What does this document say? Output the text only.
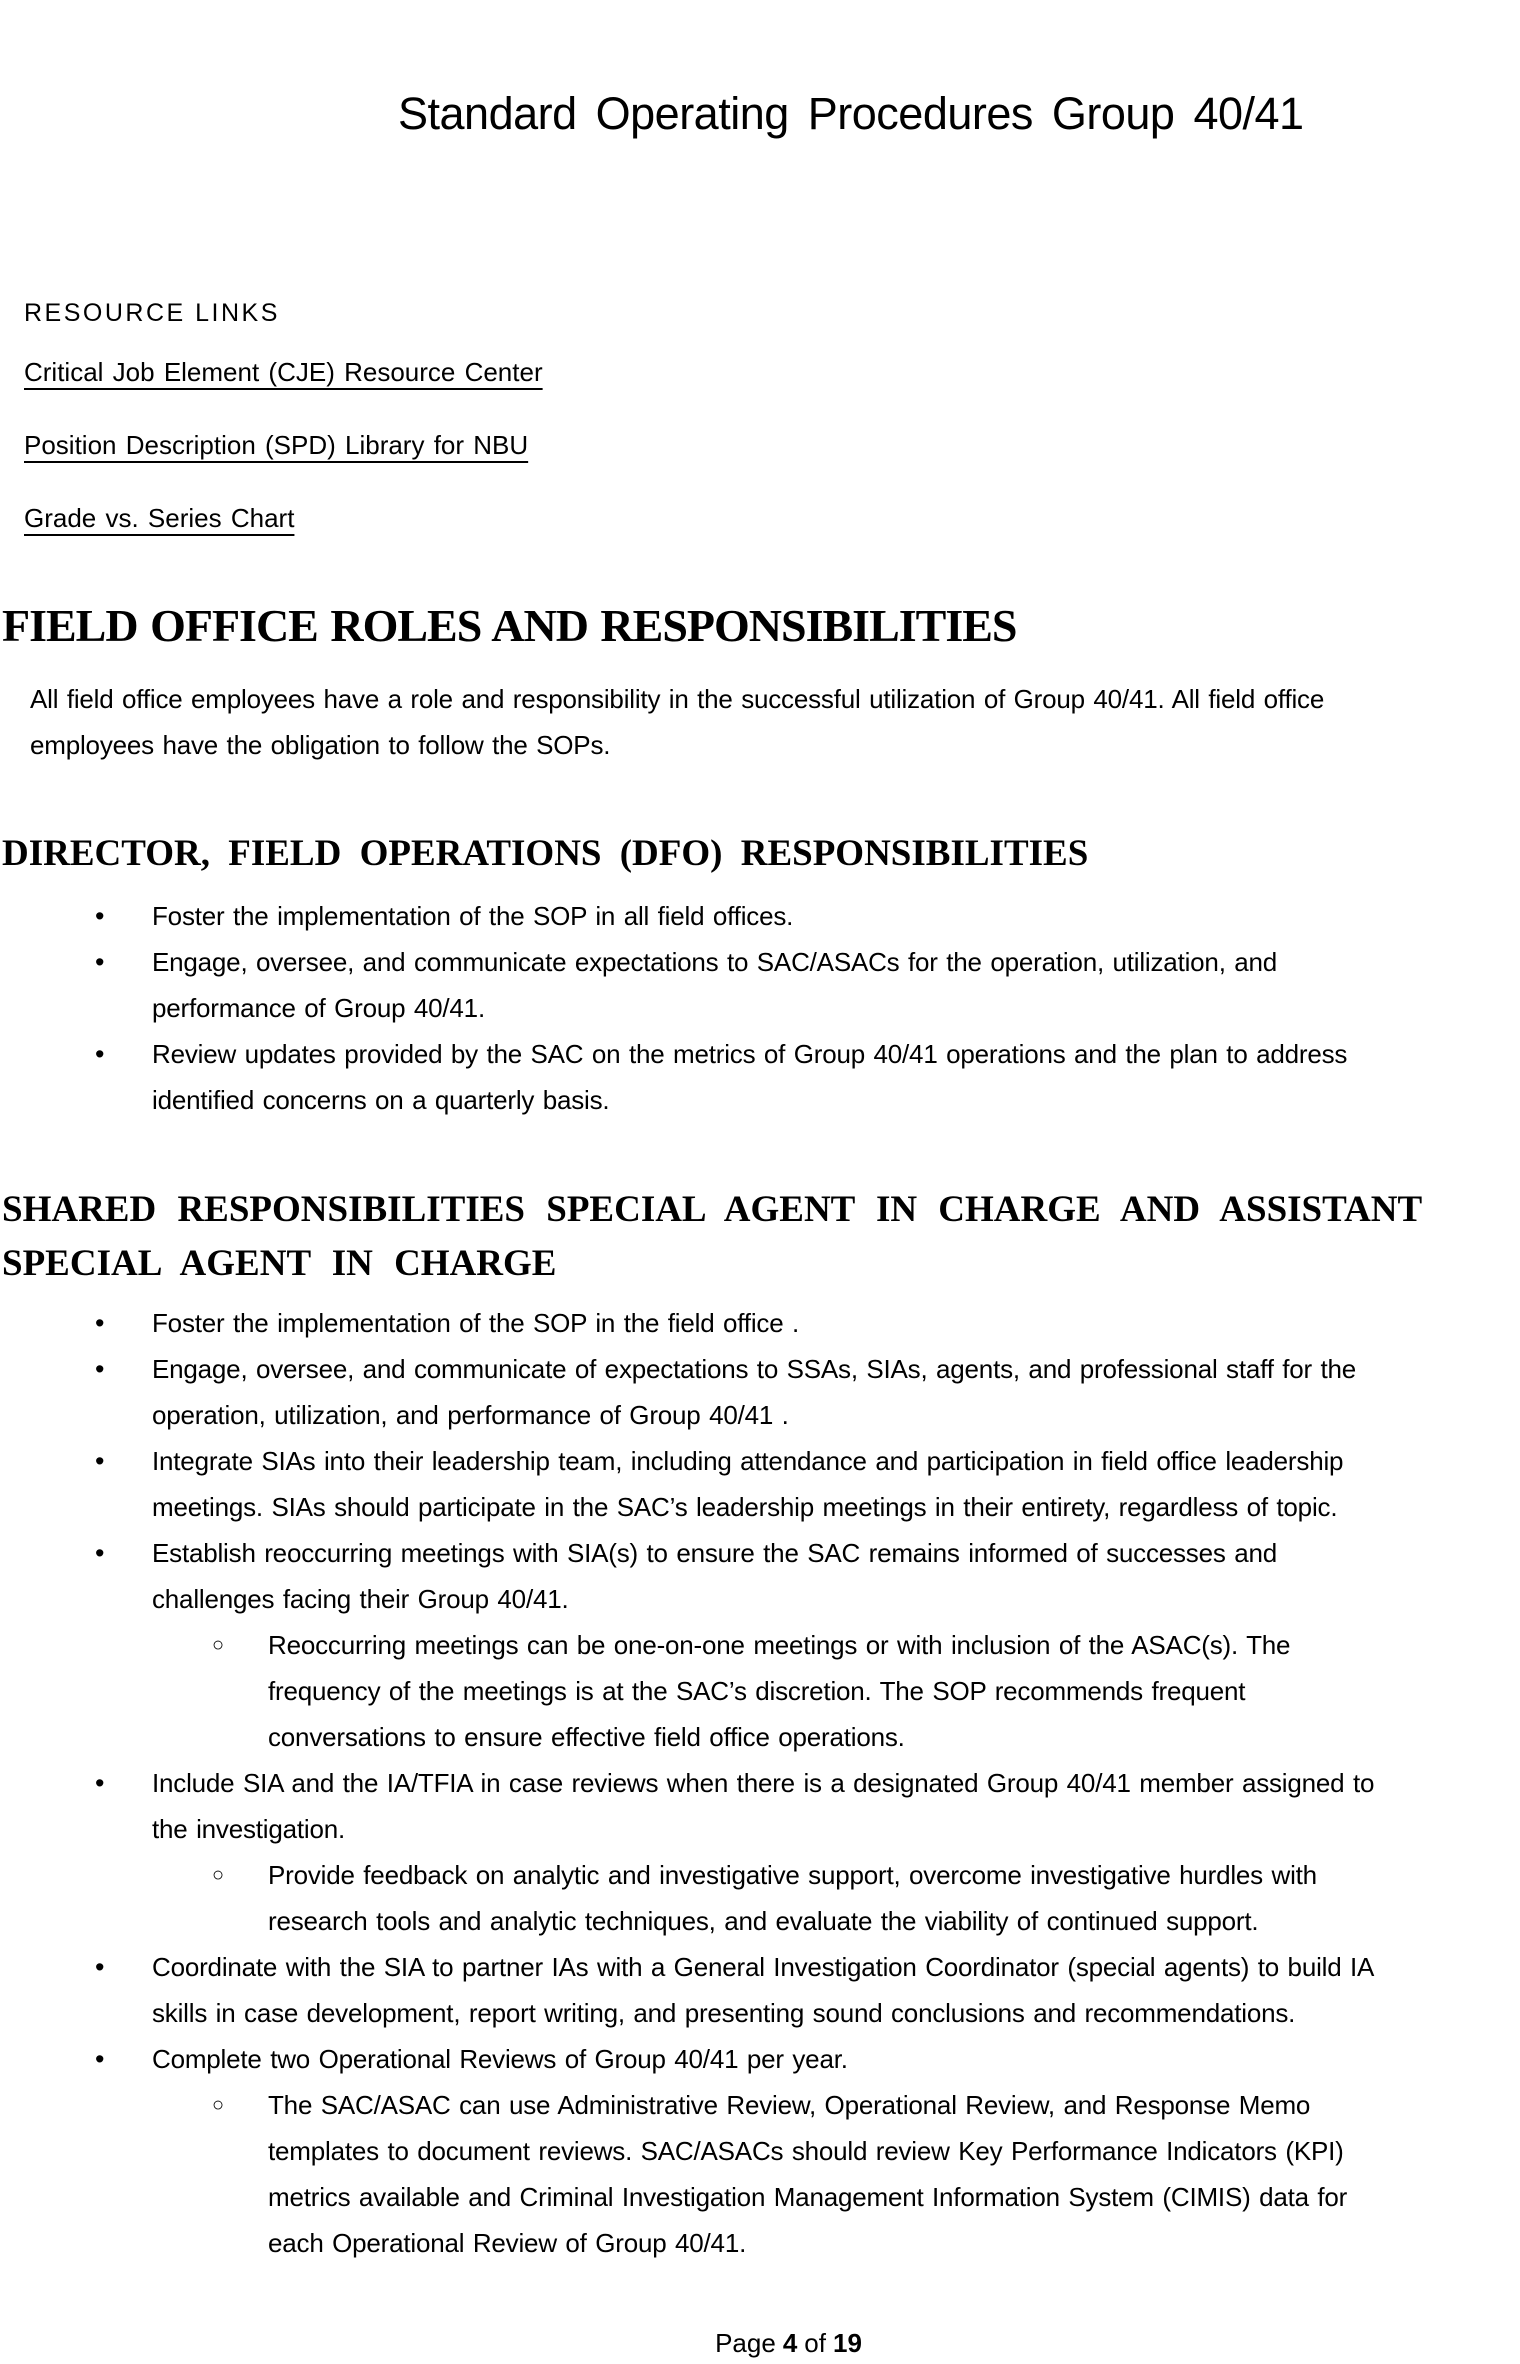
Standard Operating Procedures Group 40/41
RESOURCE LINKS
Critical Job Element (CJE) Resource Center
Position Description (SPD) Library for NBU
Grade vs. Series Chart
FIELD OFFICE ROLES AND RESPONSIBILITIES
All field office employees have a role and responsibility in the successful utilization of Group 40/41. All field office
employees have the obligation to follow the SOPs.
DIRECTOR, FIELD OPERATIONS (DFO) RESPONSIBILITIES
•	Foster the implementation of the SOP in all field offices.
•	Engage, oversee, and communicate expectations to SAC/ASACs for the operation, utilization, and
performance of Group 40/41.
•	Review updates provided by the SAC on the metrics of Group 40/41 operations and the plan to address
identified concerns on a quarterly basis.
SHARED RESPONSIBILITIES SPECIAL AGENT IN CHARGE AND ASSISTANT SPECIAL AGENT IN CHARGE
•	Foster the implementation of the SOP in the field office .
•	Engage, oversee, and communicate of expectations to SSAs, SIAs, agents, and professional staff for the
operation, utilization, and performance of Group 40/41 .
•	Integrate SIAs into their leadership team, including attendance and participation in field office leadership
meetings. SIAs should participate in the SAC’s leadership meetings in their entirety, regardless of topic.
•	Establish reoccurring meetings with SIA(s) to ensure the SAC remains informed of successes and
challenges facing their Group 40/41.
○	Reoccurring meetings can be one-on-one meetings or with inclusion of the ASAC(s). The
frequency of the meetings is at the SAC’s discretion. The SOP recommends frequent
conversations to ensure effective field office operations.
•	Include SIA and the IA/TFIA in case reviews when there is a designated Group 40/41 member assigned to
the investigation.
○	Provide feedback on analytic and investigative support, overcome investigative hurdles with
research tools and analytic techniques, and evaluate the viability of continued support.
•	Coordinate with the SIA to partner IAs with a General Investigation Coordinator (special agents) to build IA
skills in case development, report writing, and presenting sound conclusions and recommendations.
•	Complete two Operational Reviews of Group 40/41 per year.
○	The SAC/ASAC can use Administrative Review, Operational Review, and Response Memo
templates to document reviews. SAC/ASACs should review Key Performance Indicators (KPI)
metrics available and Criminal Investigation Management Information System (CIMIS) data for
each Operational Review of Group 40/41.
Page 4 of 19
